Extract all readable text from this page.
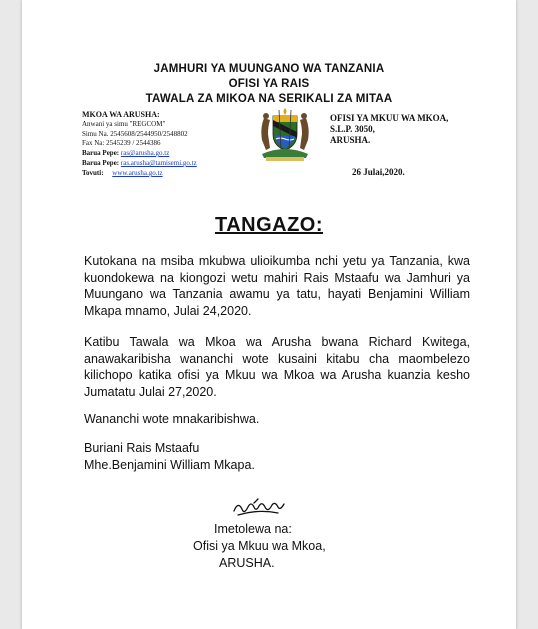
JAMHURI YA MUUNGANO WA TANZANIA
OFISI YA RAIS
TAWALA ZA MIKOA NA SERIKALI ZA MITAA
MKOA WA ARUSHA:
Anwani ya simu "REGCOM"
Simu Na. 2545608/2544950/2548802
Fax Na: 2545239 / 2544386
Barua Pepe: ras@arusha.go.tz
Barua Pepe: ras.arusha@tamisemi.go.tz
Tovuti: www.arusha.go.tz
OFISI YA MKUU WA MKOA,
S.L.P. 3050,
ARUSHA.
26 Julai,2020.
TANGAZO:
Kutokana na msiba mkubwa ulioikumba nchi yetu ya Tanzania, kwa kuondokewa na kiongozi wetu mahiri Rais Mstaafu wa Jamhuri ya Muungano wa Tanzania awamu ya tatu, hayati Benjamini William Mkapa mnamo, Julai 24,2020.
Katibu Tawala wa Mkoa wa Arusha bwana Richard Kwitega, anawakaribisha wananchi wote kusaini kitabu cha maombelezo kilichopo katika ofisi ya Mkuu wa Mkoa wa Arusha kuanzia kesho Jumatatu Julai 27,2020.
Wananchi wote mnakaribishwa.
Buriani Rais Mstaafu
Mhe.Benjamini William Mkapa.
Imetolewa na:
Ofisi ya Mkuu wa Mkoa,
ARUSHA.
